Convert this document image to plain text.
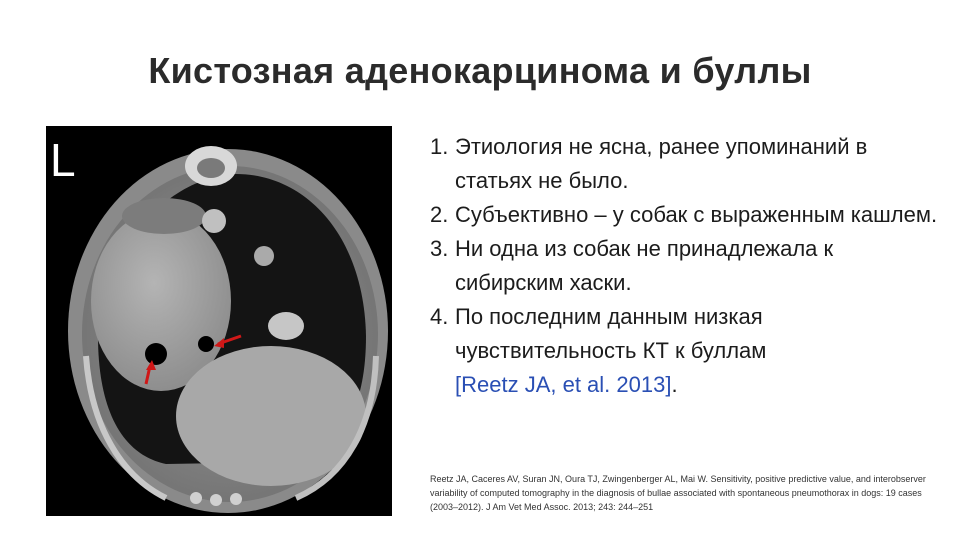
Кистозная аденокарцинома и буллы
L	1. Этиология не ясна, ранее упоминаний в статьях не было.
2. Субъективно – у собак с выраженным кашлем.
3. Ни одна из собак не принадлежала к сибирским хаски.
4. По последним данным низкая чувствительность КТ к буллам
[Reetz JA, et al. 2013].
Reetz JA, Caceres AV, Suran JN, Oura TJ, Zwingenberger AL, Mai W. Sensitivity, positive predictive value, and interobserver variability of computed tomography in the diagnosis of bullae associated with spontaneous pneumothorax in dogs: 19 cases (2003–2012). J Am Vet Med Assoc. 2013; 243: 244–251
